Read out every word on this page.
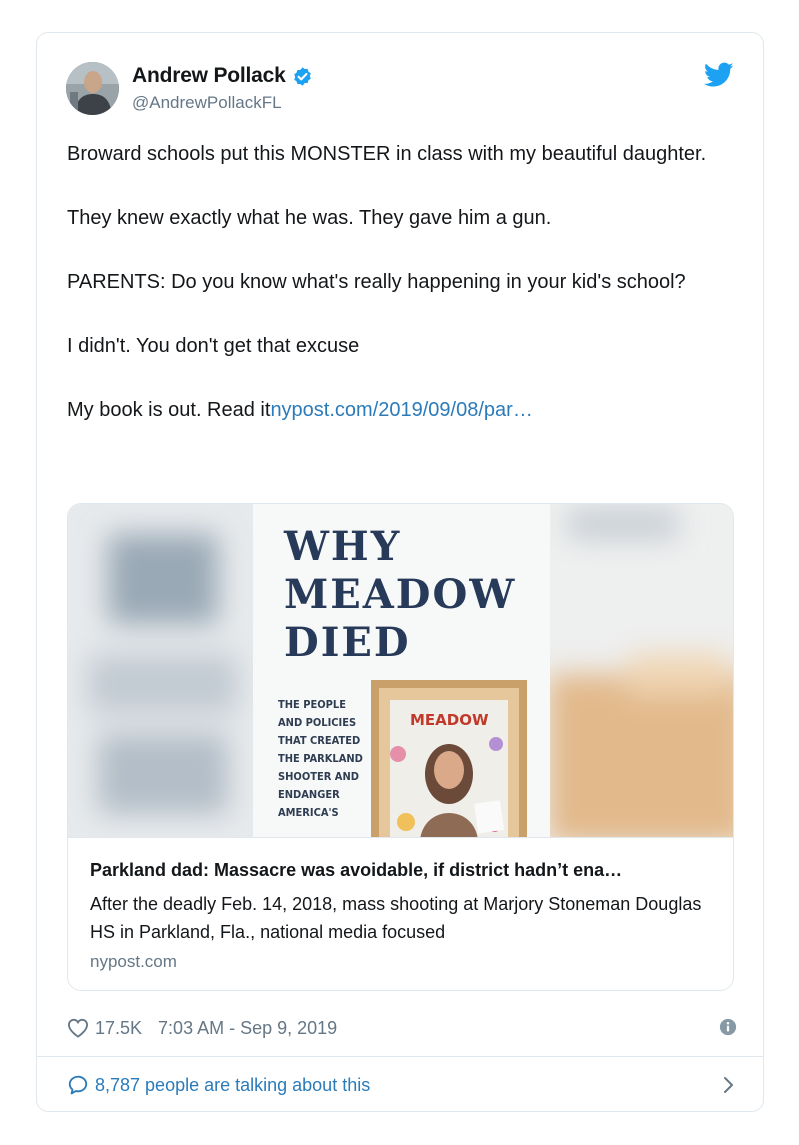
Andrew Pollack
@AndrewPollackFL

Broward schools put this MONSTER in class with my beautiful daughter.

They knew exactly what he was. They gave him a gun.

PARENTS: Do you know what's really happening in your kid's school?

I didn't. You don't get that excuse

My book is out. Read itnypost.com/2019/09/08/par…

WHY
MEADOW
DIED
THE PEOPLE
AND POLICIES
THAT CREATED
THE PARKLAND
SHOOTER AND
ENDANGER
AMERICA'S
MEADOW
Parkland dad: Massacre was avoidable, if district hadn’t ena…
After the deadly Feb. 14, 2018, mass shooting at Marjory Stoneman Douglas HS in Parkland, Fla., national media focused
nypost.com
17.5K 7:03 AM - Sep 9, 2019
8,787 people are talking about this
